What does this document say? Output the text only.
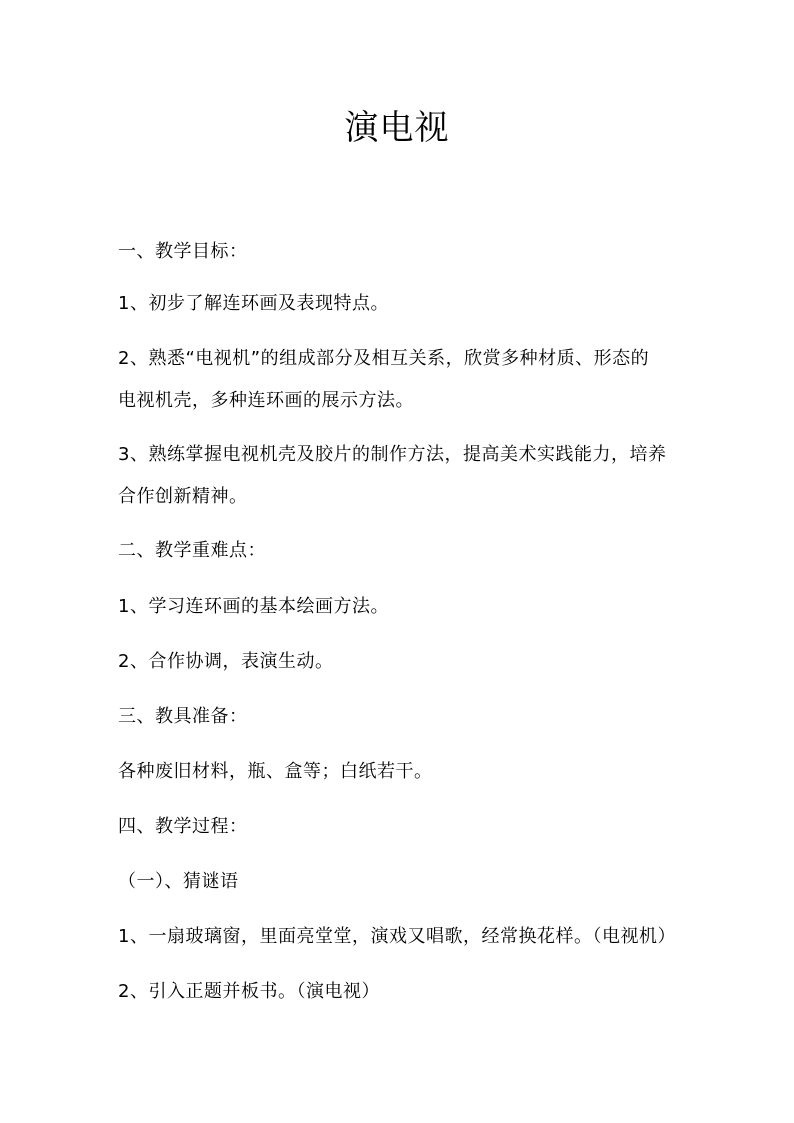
演电视
一、教学目标：
1、初步了解连环画及表现特点。
2、熟悉“电视机”的组成部分及相互关系，欣赏多种材质、形态的
电视机壳，多种连环画的展示方法。
3、熟练掌握电视机壳及胶片的制作方法，提高美术实践能力，培养
合作创新精神。
二、教学重难点：
1、学习连环画的基本绘画方法。
2、合作协调，表演生动。
三、教具准备：
各种废旧材料，瓶、盒等；白纸若干。
四、教学过程：
（一）、猜谜语
1、一扇玻璃窗，里面亮堂堂，演戏又唱歌，经常换花样。（电视机）
2、引入正题并板书。（演电视）
